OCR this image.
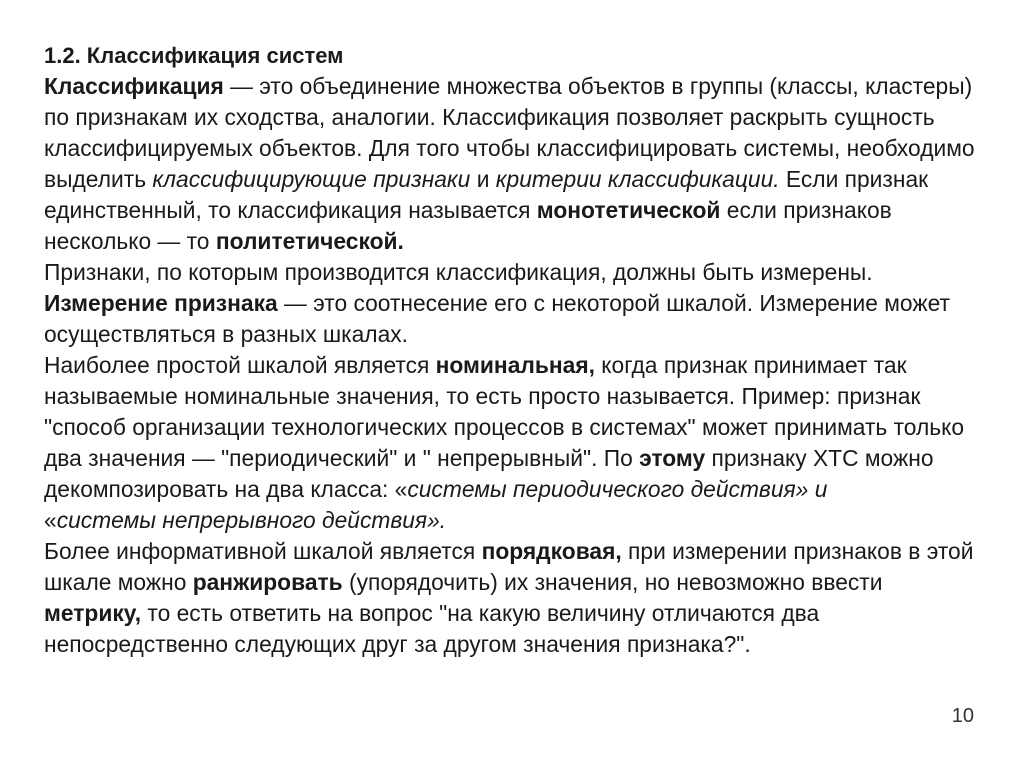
1.2. Классификация систем

Классификация — это объединение множества объектов в группы (классы, кластеры) по признакам их сходства, аналогии. Классификация позволяет раскрыть сущность классифицируемых объектов. Для того чтобы классифицировать системы, необходимо выделить классифицирующие признаки и критерии классификации. Если признак единственный, то классификация называется монотетической если признаков несколько — то политетической.

Признаки, по которым производится классификация, должны быть измерены. Измерение признака — это соотнесение его с некоторой шкалой. Измерение может осуществляться в разных шкалах.

Наиболее простой шкалой является номинальная, когда признак принимает так называемые номинальные значения, то есть просто называется. Пример: признак "способ организации технологических процессов в системах" может принимать только два значения — "периодический" и " непрерывный". По этому признаку ХТС можно декомпозировать на два класса: «системы периодического действия» и
«системы непрерывного действия».

Более информативной шкалой является порядковая, при измерении признаков в этой шкале можно ранжировать (упорядочить) их значения, но невозможно ввести метрику, то есть ответить на вопрос "на какую величину отличаются два непосредственно следующих друг за другом значения признака?".

10
